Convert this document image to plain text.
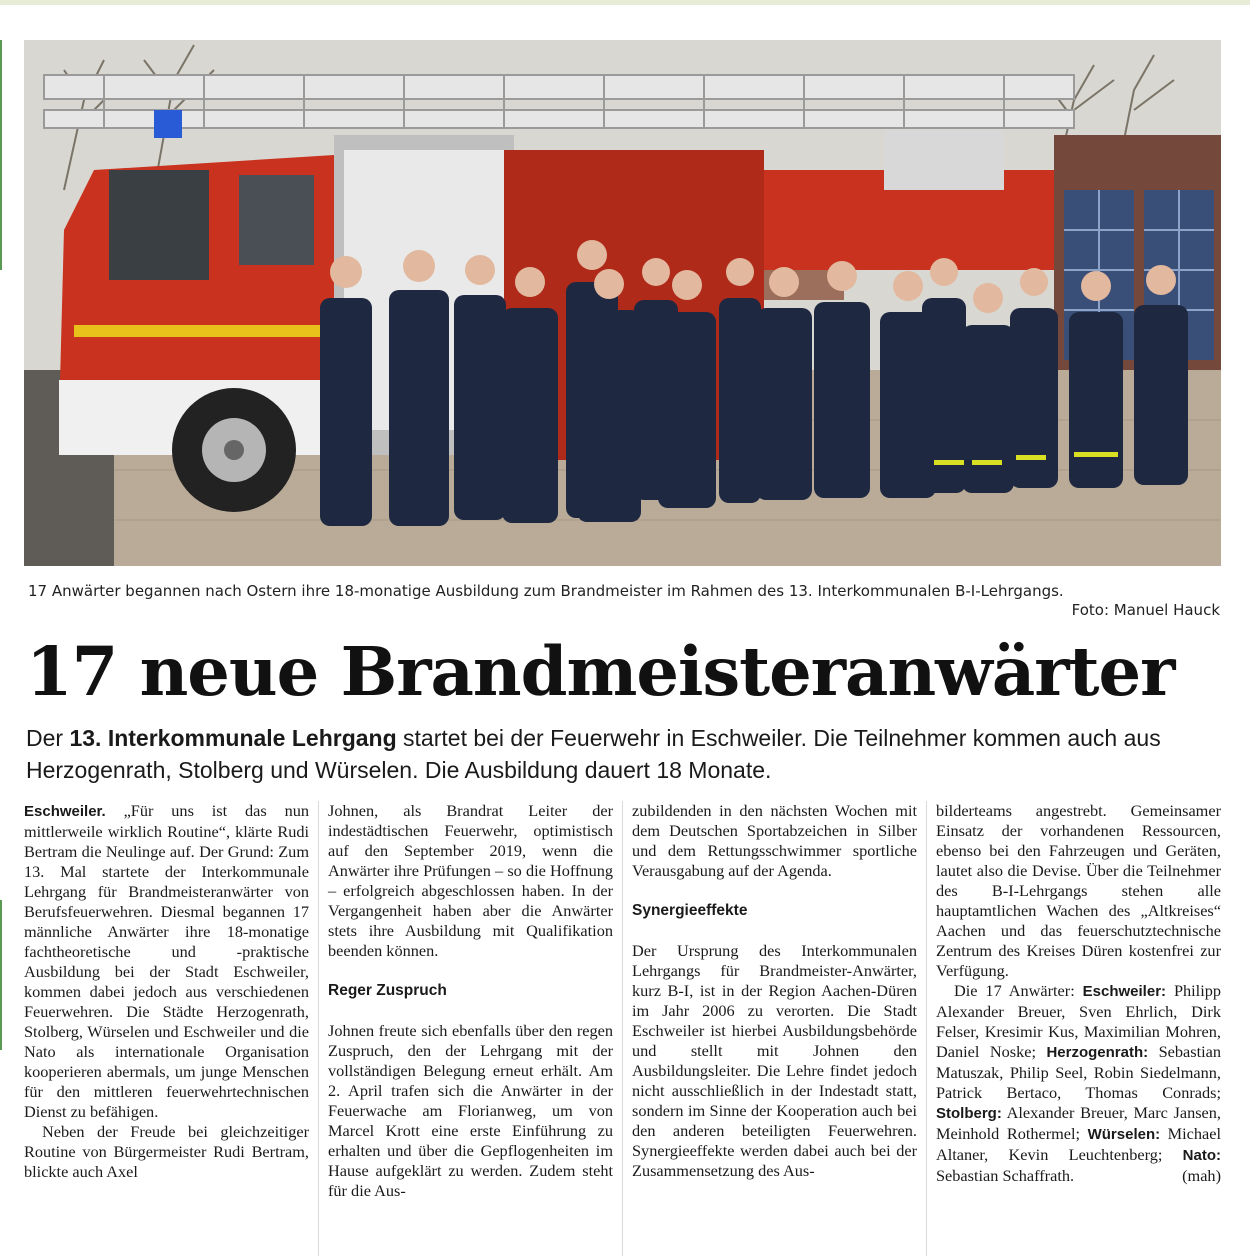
17 Anwärter begannen nach Ostern ihre 18-monatige Ausbildung zum Brandmeister im Rahmen des 13. Interkommunalen B-I-Lehrgangs.
Foto: Manuel Hauck
17 neue Brandmeisteranwärter
Der 13. Interkommunale Lehrgang startet bei der Feuerwehr in Eschweiler. Die Teilnehmer kommen auch aus Herzogenrath, Stolberg und Würselen. Die Ausbildung dauert 18 Monate.

Eschweiler. „Für uns ist das nun mittlerweile wirklich Routine“, klärte Rudi Bertram die Neulinge auf. Der Grund: Zum 13. Mal startete der Interkommunale Lehrgang für Brandmeisteranwärter von Berufsfeuerwehren. Diesmal begannen 17 männliche Anwärter ihre 18-monatige fachtheoretische und -praktische Ausbildung bei der Stadt Eschweiler, kommen dabei jedoch aus verschiedenen Feuerwehren. Die Städte Herzogenrath, Stolberg, Würselen und Eschweiler und die Nato als internationale Organisation kooperieren abermals, um junge Menschen für den mittleren feuerwehrtechnischen Dienst zu befähigen.

Neben der Freude bei gleichzeitiger Routine von Bürgermeister Rudi Bertram, blickte auch Axel

Johnen, als Brandrat Leiter der indestädtischen Feuerwehr, optimistisch auf den September 2019, wenn die Anwärter ihre Prüfungen – so die Hoffnung – erfolgreich abgeschlossen haben. In der Vergangenheit haben aber die Anwärter stets ihre Ausbildung mit Qualifikation beenden können.

Reger Zuspruch

Johnen freute sich ebenfalls über den regen Zuspruch, den der Lehrgang mit der vollständigen Belegung erneut erhält. Am 2. April trafen sich die Anwärter in der Feuerwache am Florianweg, um von Marcel Krott eine erste Einführung zu erhalten und über die Gepflogenheiten im Hause aufgeklärt zu werden. Zudem steht für die Aus-

zubildenden in den nächsten Wochen mit dem Deutschen Sportabzeichen in Silber und dem Rettungsschwimmer sportliche Verausgabung auf der Agenda.

Synergieeffekte

Der Ursprung des Interkommunalen Lehrgangs für Brandmeister-Anwärter, kurz B-I, ist in der Region Aachen-Düren im Jahr 2006 zu verorten. Die Stadt Eschweiler ist hierbei Ausbildungsbehörde und stellt mit Johnen den Ausbildungsleiter. Die Lehre findet jedoch nicht ausschließlich in der Indestadt statt, sondern im Sinne der Kooperation auch bei den anderen beteiligten Feuerwehren. Synergieeffekte werden dabei auch bei der Zusammensetzung des Aus-

bilderteams angestrebt. Gemeinsamer Einsatz der vorhandenen Ressourcen, ebenso bei den Fahrzeugen und Geräten, lautet also die Devise. Über die Teilnehmer des B-I-Lehrgangs stehen alle hauptamtlichen Wachen des „Altkreises“ Aachen und das feuerschutztechnische Zentrum des Kreises Düren kostenfrei zur Verfügung.

Die 17 Anwärter: Eschweiler: Philipp Alexander Breuer, Sven Ehrlich, Dirk Felser, Kresimir Kus, Maximilian Mohren, Daniel Noske; Herzogenrath: Sebastian Matuszak, Philip Seel, Robin Siedelmann, Patrick Bertaco, Thomas Conrads; Stolberg: Alexander Breuer, Marc Jansen, Meinhold Rothermel; Würselen: Michael Altaner, Kevin Leuchtenberg; Nato: Sebastian Schaffrath.	(mah)
